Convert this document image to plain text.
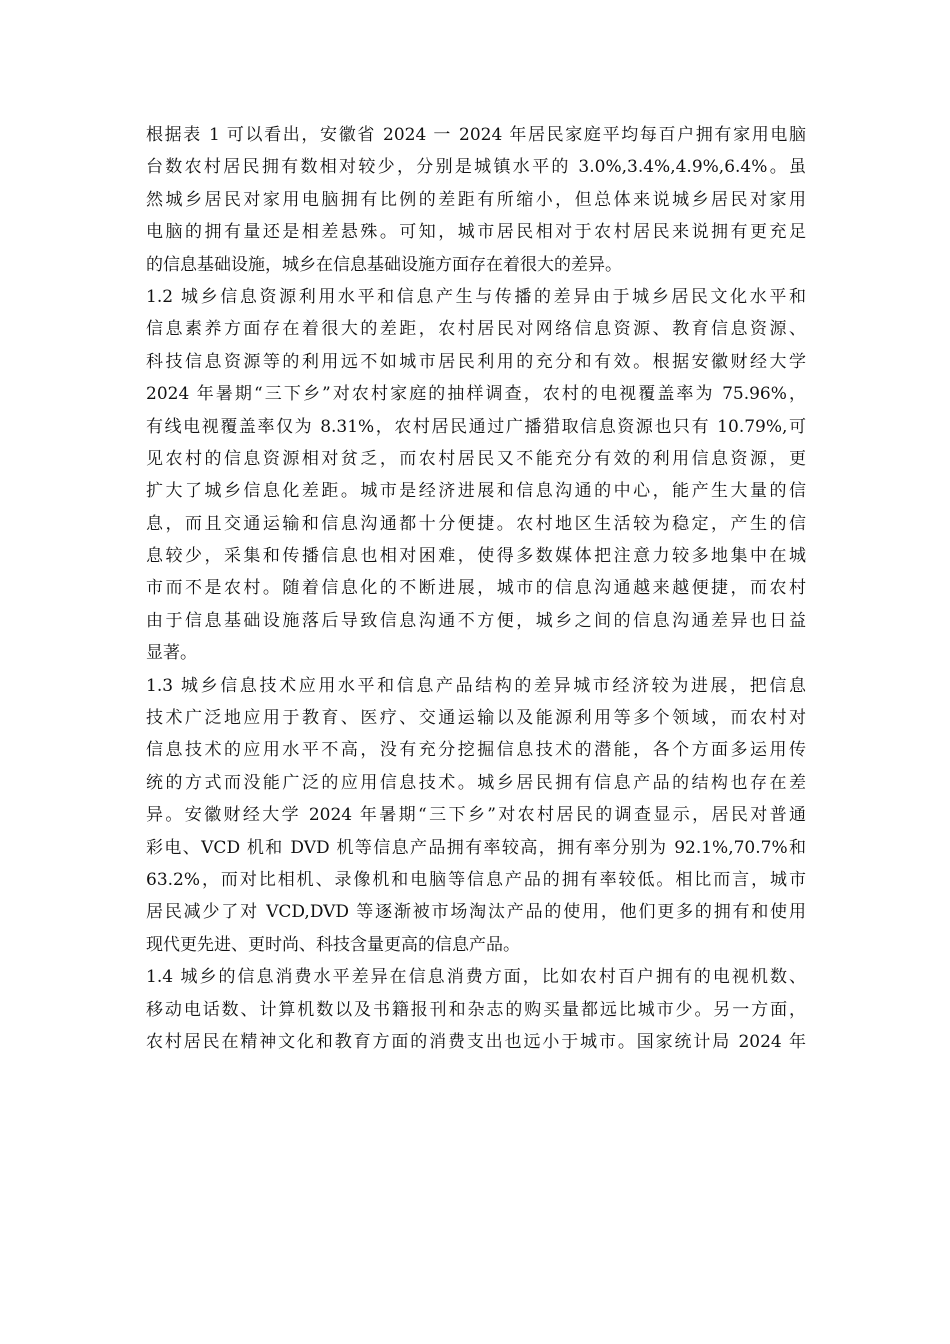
根据表 1 可以看出，安徽省 2024 一 2024 年居民家庭平均每百户拥有家用电脑
台数农村居民拥有数相对较少，分别是城镇水平的 3.0%,3.4%,4.9%,6.4%。虽
然城乡居民对家用电脑拥有比例的差距有所缩小，但总体来说城乡居民对家用
电脑的拥有量还是相差悬殊。可知，城市居民相对于农村居民来说拥有更充足
的信息基础设施，城乡在信息基础设施方面存在着很大的差异。
1.2 城乡信息资源利用水平和信息产生与传播的差异由于城乡居民文化水平和
信息素养方面存在着很大的差距，农村居民对网络信息资源、教育信息资源、
科技信息资源等的利用远不如城市居民利用的充分和有效。根据安徽财经大学
2024 年暑期“三下乡”对农村家庭的抽样调查，农村的电视覆盖率为 75.96%，
有线电视覆盖率仅为 8.31%，农村居民通过广播猎取信息资源也只有 10.79%,可
见农村的信息资源相对贫乏，而农村居民又不能充分有效的利用信息资源，更
扩大了城乡信息化差距。城市是经济进展和信息沟通的中心，能产生大量的信
息，而且交通运输和信息沟通都十分便捷。农村地区生活较为稳定，产生的信
息较少，采集和传播信息也相对困难，使得多数媒体把注意力较多地集中在城
市而不是农村。随着信息化的不断进展，城市的信息沟通越来越便捷，而农村
由于信息基础设施落后导致信息沟通不方便，城乡之间的信息沟通差异也日益
显著。
1.3 城乡信息技术应用水平和信息产品结构的差异城市经济较为进展，把信息
技术广泛地应用于教育、医疗、交通运输以及能源利用等多个领域，而农村对
信息技术的应用水平不高，没有充分挖掘信息技术的潜能，各个方面多运用传
统的方式而没能广泛的应用信息技术。城乡居民拥有信息产品的结构也存在差
异。安徽财经大学 2024 年暑期“三下乡”对农村居民的调查显示，居民对普通
彩电、VCD 机和 DVD 机等信息产品拥有率较高，拥有率分别为 92.1%,70.7%和
63.2%，而对比相机、录像机和电脑等信息产品的拥有率较低。相比而言，城市
居民减少了对 VCD,DVD 等逐渐被市场淘汰产品的使用，他们更多的拥有和使用
现代更先进、更时尚、科技含量更高的信息产品。
1.4 城乡的信息消费水平差异在信息消费方面，比如农村百户拥有的电视机数、
移动电话数、计算机数以及书籍报刊和杂志的购买量都远比城市少。另一方面，
农村居民在精神文化和教育方面的消费支出也远小于城市。国家统计局 2024 年
